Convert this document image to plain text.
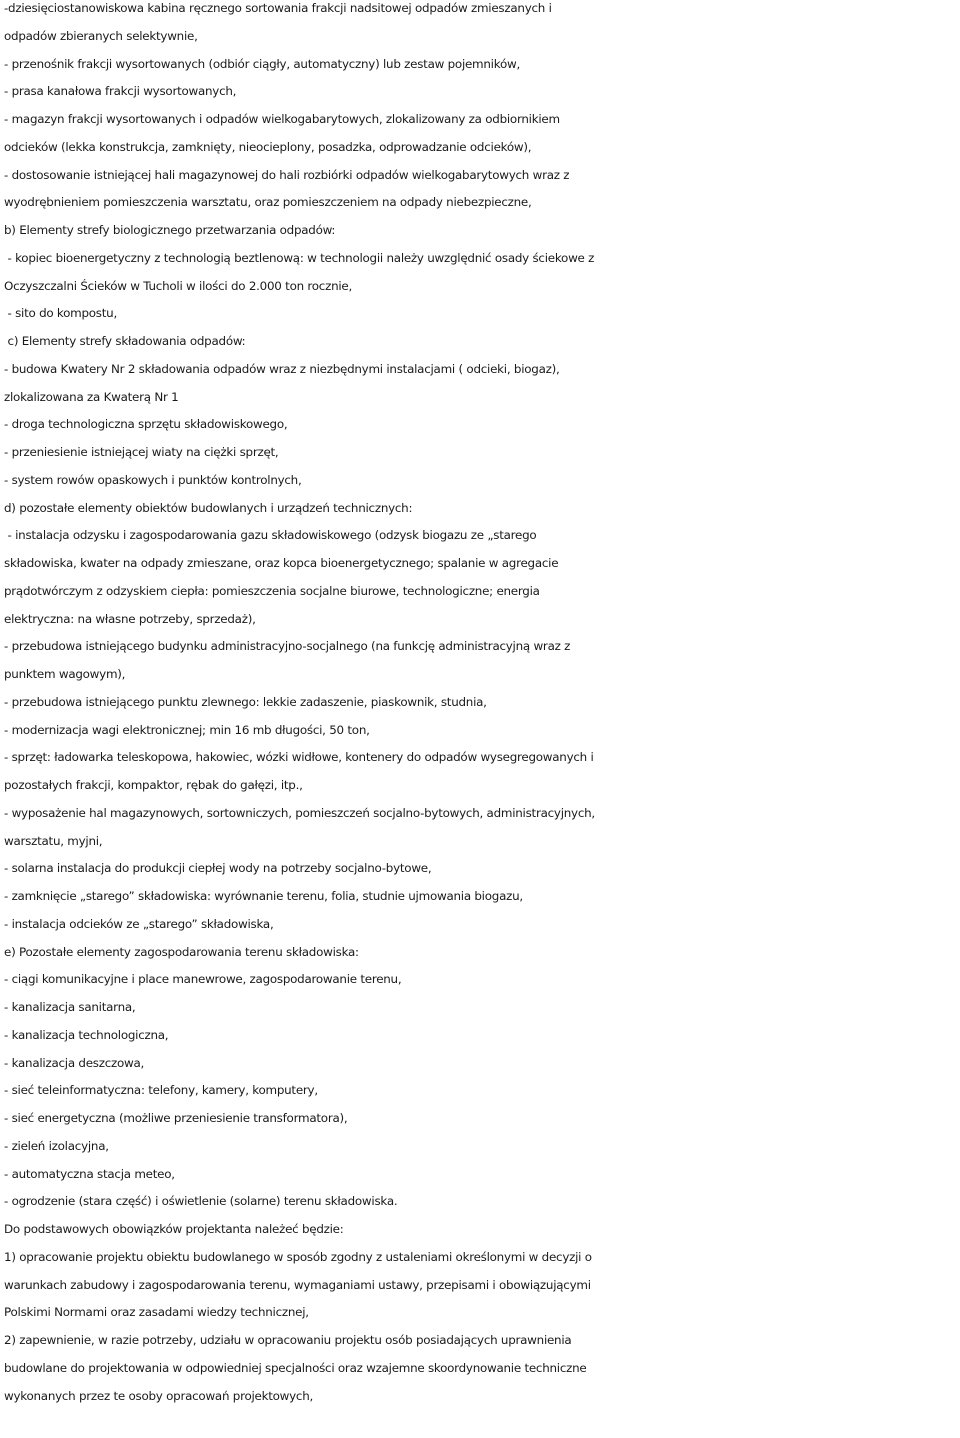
-dziesięciostanowiskowa kabina ręcznego sortowania frakcji nadsitowej odpadów zmieszanych i
odpadów zbieranych selektywnie,
- przenośnik frakcji wysortowanych (odbiór ciągły, automatyczny) lub zestaw pojemników,
- prasa kanałowa frakcji wysortowanych,
- magazyn frakcji wysortowanych i odpadów wielkogabarytowych, zlokalizowany za odbiornikiem
odcieków (lekka konstrukcja, zamknięty, nieocieplony, posadzka, odprowadzanie odcieków),
- dostosowanie istniejącej hali magazynowej do hali rozbiórki odpadów wielkogabarytowych wraz z
wyodrębnieniem pomieszczenia warsztatu, oraz pomieszczeniem na odpady niebezpieczne,
b) Elementy strefy biologicznego przetwarzania odpadów:
- kopiec bioenergetyczny z technologią beztlenową: w technologii należy uwzględnić osady ściekowe z
Oczyszczalni Ścieków w Tucholi w ilości do 2.000 ton rocznie,
- sito do kompostu,
c) Elementy strefy składowania odpadów:
- budowa Kwatery Nr 2 składowania odpadów wraz z niezbędnymi instalacjami ( odcieki, biogaz),
zlokalizowana za Kwaterą Nr 1
- droga technologiczna sprzętu składowiskowego,
- przeniesienie istniejącej wiaty na ciężki sprzęt,
- system rowów opaskowych i punktów kontrolnych,
d) pozostałe elementy obiektów budowlanych i urządzeń technicznych:
- instalacja odzysku i zagospodarowania gazu składowiskowego (odzysk biogazu ze „starego
składowiska, kwater na odpady zmieszane, oraz kopca bioenergetycznego; spalanie w agregacie
prądotwórczym z odzyskiem ciepła: pomieszczenia socjalne biurowe, technologiczne; energia
elektryczna: na własne potrzeby, sprzedaż),
- przebudowa istniejącego budynku administracyjno-socjalnego (na funkcję administracyjną wraz z
punktem wagowym),
- przebudowa istniejącego punktu zlewnego: lekkie zadaszenie, piaskownik, studnia,
- modernizacja wagi elektronicznej; min 16 mb długości, 50 ton,
- sprzęt: ładowarka teleskopowa, hakowiec, wózki widłowe, kontenery do odpadów wysegregowanych i
pozostałych frakcji, kompaktor, rębak do gałęzi, itp.,
- wyposażenie hal magazynowych, sortowniczych, pomieszczeń socjalno-bytowych, administracyjnych,
warsztatu, myjni,
- solarna instalacja do produkcji ciepłej wody na potrzeby socjalno-bytowe,
- zamknięcie „starego” składowiska: wyrównanie terenu, folia, studnie ujmowania biogazu,
- instalacja odcieków ze „starego” składowiska,
e) Pozostałe elementy zagospodarowania terenu składowiska:
- ciągi komunikacyjne i place manewrowe, zagospodarowanie terenu,
- kanalizacja sanitarna,
- kanalizacja technologiczna,
- kanalizacja deszczowa,
- sieć teleinformatyczna: telefony, kamery, komputery,
- sieć energetyczna (możliwe przeniesienie transformatora),
- zieleń izolacyjna,
- automatyczna stacja meteo,
- ogrodzenie (stara część) i oświetlenie (solarne) terenu składowiska.
Do podstawowych obowiązków projektanta należeć będzie:
1) opracowanie projektu obiektu budowlanego w sposób zgodny z ustaleniami określonymi w decyzji o
warunkach zabudowy i zagospodarowania terenu, wymaganiami ustawy, przepisami i obowiązującymi
Polskimi Normami oraz zasadami wiedzy technicznej,
2) zapewnienie, w razie potrzeby, udziału w opracowaniu projektu osób posiadających uprawnienia
budowlane do projektowania w odpowiedniej specjalności oraz wzajemne skoordynowanie techniczne
wykonanych przez te osoby opracowań projektowych,
